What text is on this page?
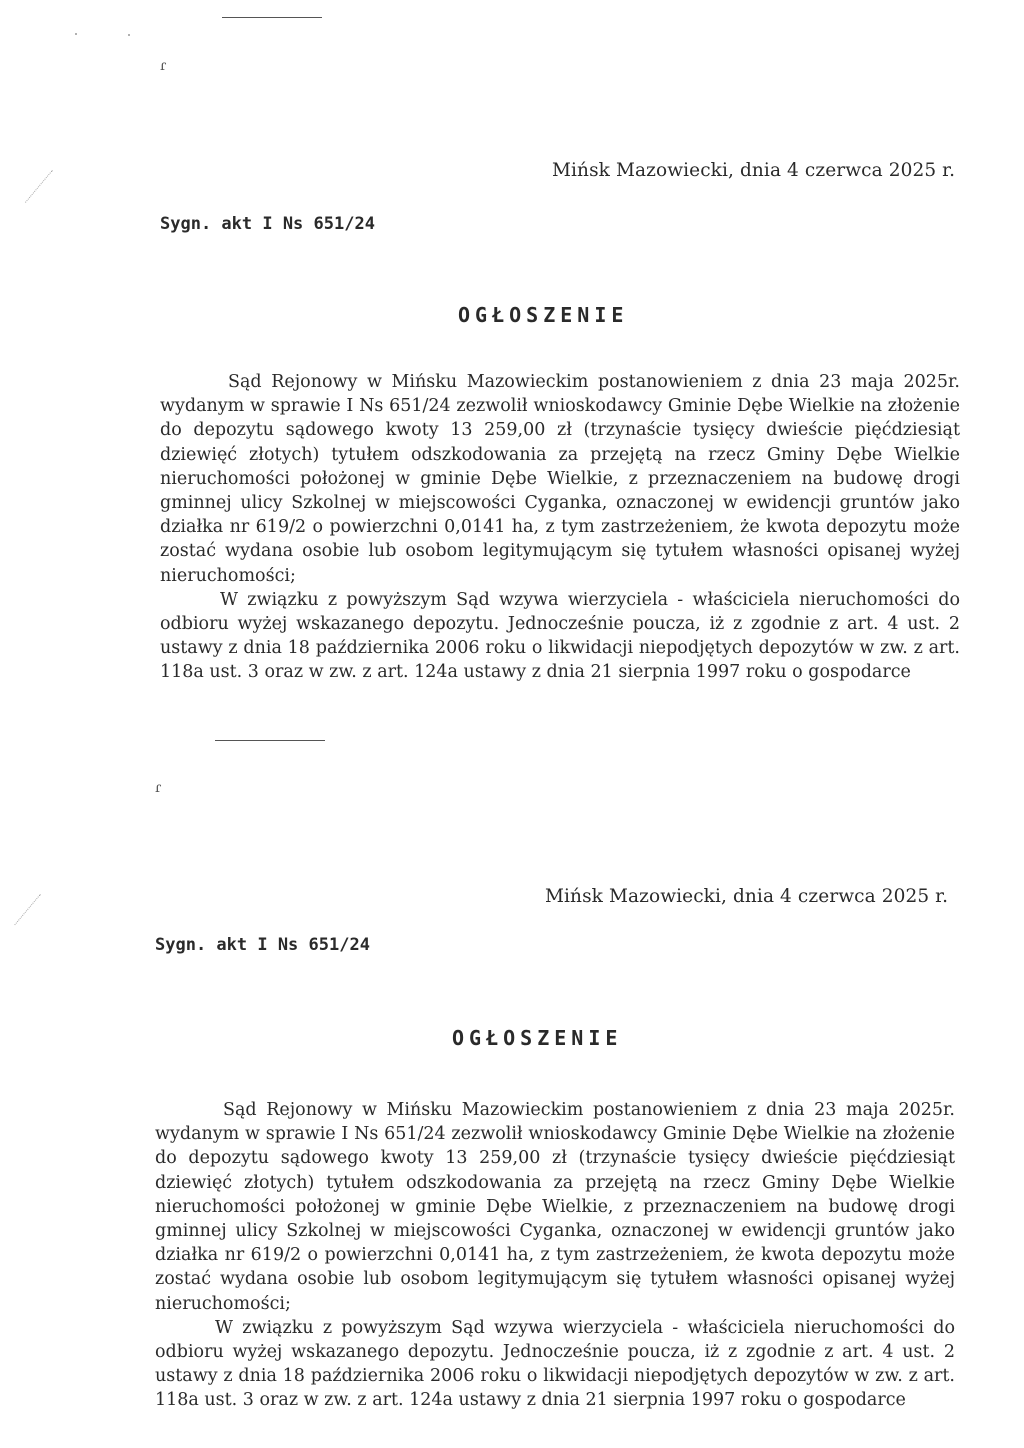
ɾ
Mińsk Mazowiecki, dnia 4 czerwca 2025 r.
Sygn. akt I Ns 651/24
OGŁOSZENIE

Sąd Rejonowy w Mińsku Mazowieckim postanowieniem z dnia 23 maja 2025r. wydanym w sprawie I Ns 651/24 zezwolił wnioskodawcy Gminie Dębe Wielkie na złożenie do depozytu sądowego kwoty 13 259,00 zł (trzynaście tysięcy dwieście pięćdziesiąt dziewięć złotych) tytułem odszkodowania za przejętą na rzecz Gminy Dębe Wielkie nieruchomości położonej w gminie Dębe Wielkie, z przeznaczeniem na budowę drogi gminnej ulicy Szkolnej w miejscowości Cyganka, oznaczonej w ewidencji gruntów jako działka nr 619/2 o powierzchni 0,0141 ha, z tym zastrzeżeniem, że kwota depozytu może zostać wydana osobie lub osobom legitymującym się tytułem własności opisanej wyżej nieruchomości;

W związku z powyższym Sąd wzywa wierzyciela - właściciela nieruchomości do odbioru wyżej wskazanego depozytu. Jednocześnie poucza, iż z zgodnie z art. 4 ust. 2 ustawy z dnia 18 października 2006 roku o likwidacji niepodjętych depozytów w zw. z art. 118a ust. 3 oraz w zw. z art. 124a ustawy z dnia 21 sierpnia 1997 roku o gospodarce

ɾ
Mińsk Mazowiecki, dnia 4 czerwca 2025 r.
Sygn. akt I Ns 651/24
OGŁOSZENIE

Sąd Rejonowy w Mińsku Mazowieckim postanowieniem z dnia 23 maja 2025r. wydanym w sprawie I Ns 651/24 zezwolił wnioskodawcy Gminie Dębe Wielkie na złożenie do depozytu sądowego kwoty 13 259,00 zł (trzynaście tysięcy dwieście pięćdziesiąt dziewięć złotych) tytułem odszkodowania za przejętą na rzecz Gminy Dębe Wielkie nieruchomości położonej w gminie Dębe Wielkie, z przeznaczeniem na budowę drogi gminnej ulicy Szkolnej w miejscowości Cyganka, oznaczonej w ewidencji gruntów jako działka nr 619/2 o powierzchni 0,0141 ha, z tym zastrzeżeniem, że kwota depozytu może zostać wydana osobie lub osobom legitymującym się tytułem własności opisanej wyżej nieruchomości;

W związku z powyższym Sąd wzywa wierzyciela - właściciela nieruchomości do odbioru wyżej wskazanego depozytu. Jednocześnie poucza, iż z zgodnie z art. 4 ust. 2 ustawy z dnia 18 października 2006 roku o likwidacji niepodjętych depozytów w zw. z art. 118a ust. 3 oraz w zw. z art. 124a ustawy z dnia 21 sierpnia 1997 roku o gospodarce
